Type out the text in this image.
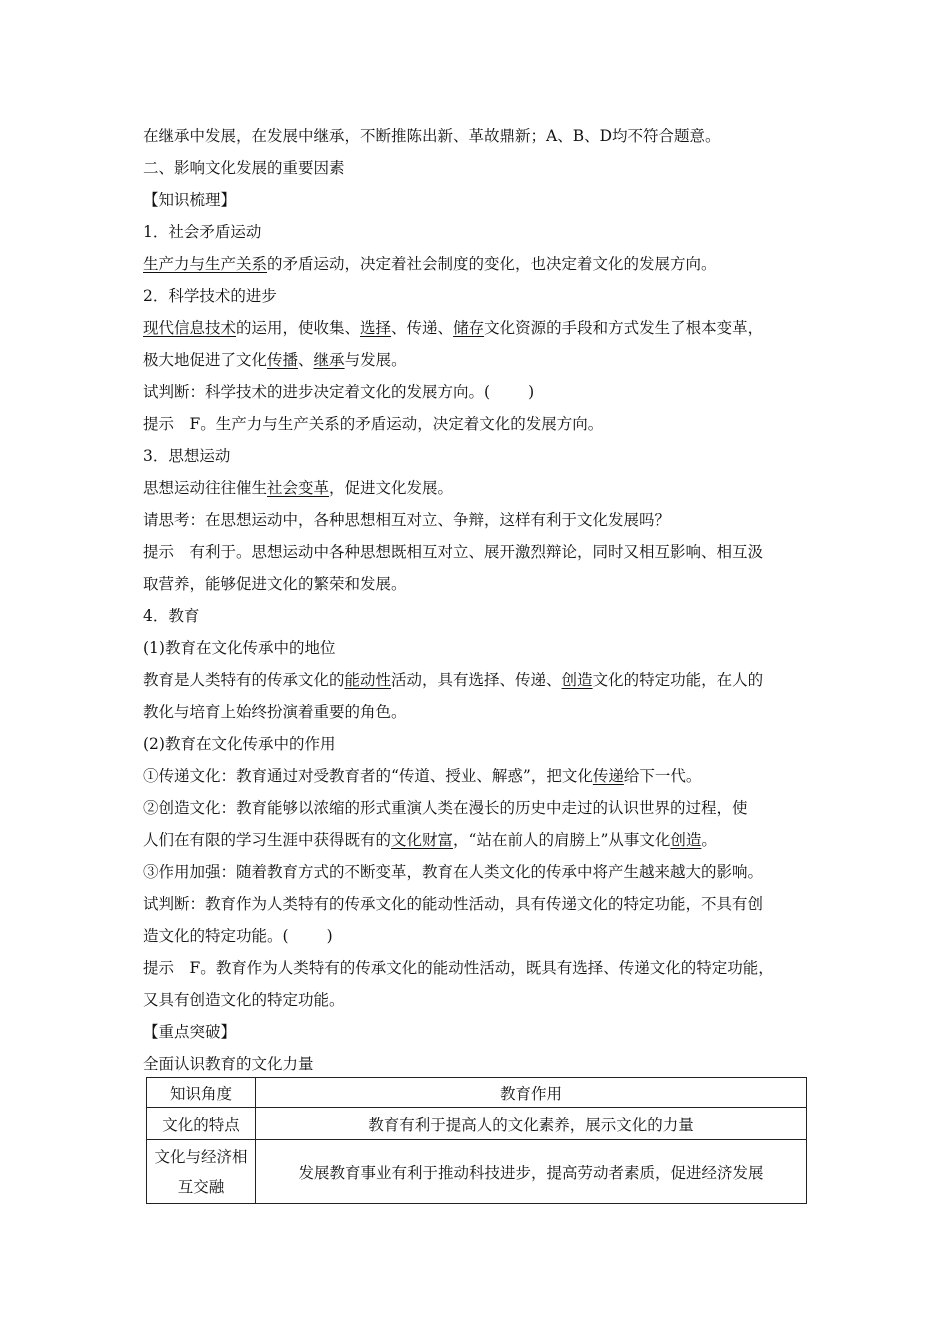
在继承中发展，在发展中继承，不断推陈出新、革故鼎新；A、B、D均不符合题意。
二、影响文化发展的重要因素
【知识梳理】
1．社会矛盾运动
生产力与生产关系的矛盾运动，决定着社会制度的变化，也决定着文化的发展方向。
2．科学技术的进步
现代信息技术的运用，使收集、选择、传递、储存文化资源的手段和方式发生了根本变革，
极大地促进了文化传播、继承与发展。
试判断：科学技术的进步决定着文化的发展方向。( )
提示　F。生产力与生产关系的矛盾运动，决定着文化的发展方向。
3．思想运动
思想运动往往催生社会变革，促进文化发展。
请思考：在思想运动中，各种思想相互对立、争辩，这样有利于文化发展吗？
提示　有利于。思想运动中各种思想既相互对立、展开激烈辩论，同时又相互影响、相互汲
取营养，能够促进文化的繁荣和发展。
4．教育
(1)教育在文化传承中的地位
教育是人类特有的传承文化的能动性活动，具有选择、传递、创造文化的特定功能，在人的
教化与培育上始终扮演着重要的角色。
(2)教育在文化传承中的作用
①传递文化：教育通过对受教育者的“传道、授业、解惑”，把文化传递给下一代。
②创造文化：教育能够以浓缩的形式重演人类在漫长的历史中走过的认识世界的过程，使
人们在有限的学习生涯中获得既有的文化财富，“站在前人的肩膀上”从事文化创造。
③作用加强：随着教育方式的不断变革，教育在人类文化的传承中将产生越来越大的影响。
试判断：教育作为人类特有的传承文化的能动性活动，具有传递文化的特定功能，不具有创
造文化的特定功能。( )
提示　F。教育作为人类特有的传承文化的能动性活动，既具有选择、传递文化的特定功能，
又具有创造文化的特定功能。
【重点突破】
全面认识教育的文化力量
知识角度	教育作用
文化的特点	教育有利于提高人的文化素养，展示文化的力量
文化与经济相互交融	发展教育事业有利于推动科技进步，提高劳动者素质，促进经济发展
